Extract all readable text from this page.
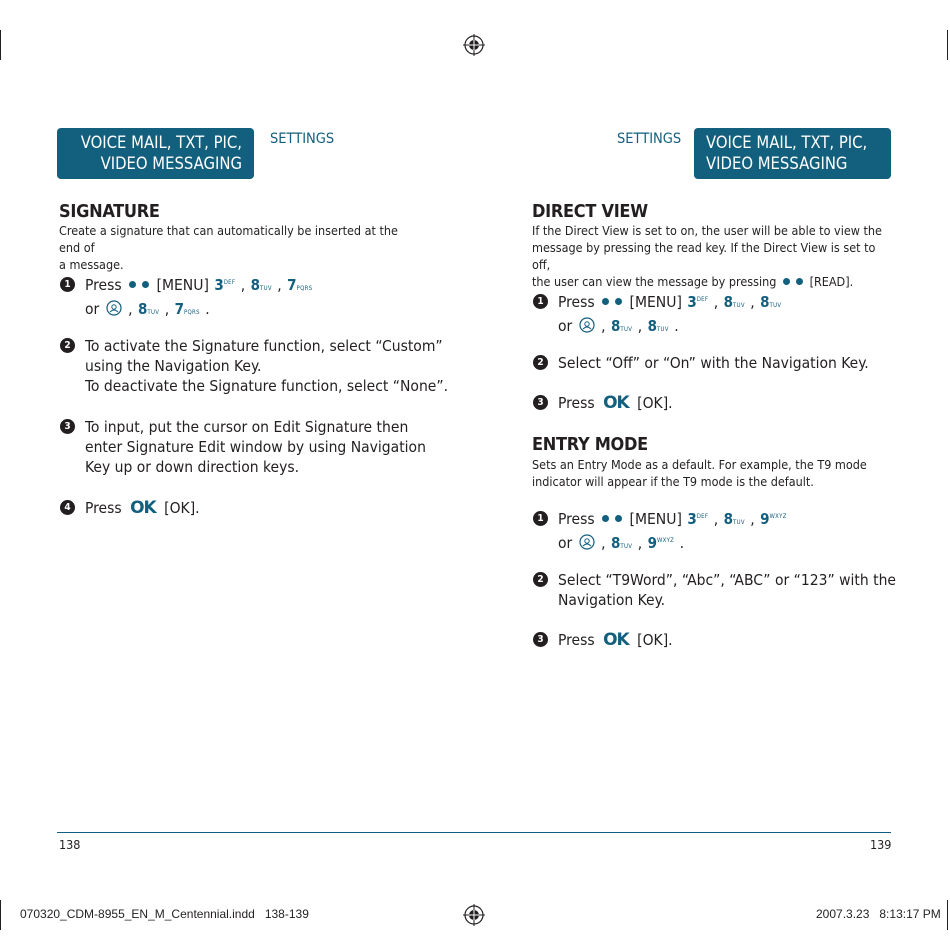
VOICE MAIL, TXT, PIC,
VIDEO MESSAGING
SETTINGS	SETTINGS VOICE MAIL, TXT, PIC,
VIDEO MESSAGING
SIGNATURE
Create a signature that can automatically be inserted at the end of
a message.
1 Press [MENU] $3^{DEF}$ , 8TUV , 7PQRS
or , 8TUV , 7PQRS .
2 To activate the Signature function, select “Custom”
using the Navigation Key.
To deactivate the Signature function, select “None”.
3 To input, put the cursor on Edit Signature then
enter Signature Edit window by using Navigation
Key up or down direction keys.
4 Press OK [OK].
DIRECT VIEW
If the Direct View is set to on, the user will be able to view the
message by pressing the read key. If the Direct View is set to off,
the user can view the message by pressing	[READ].
1 Press [MENU] $3^{DEF}$ , 8TUV , 8TUV
or , 8TUV , 8TUV .
2 Select “Off” or “On” with the Navigation Key.
3 Press OK [OK].
ENTRY MODE
Sets an Entry Mode as a default. For example, the T9 mode
indicator will appear if the T9 mode is the default.
1 Press [MENU] $3^{DEF}$ , 8TUV , $9^{WXYZ}$
or , 8TUV , $9^{WXYZ}$ .
2 Select “T9Word”, “Abc”, “ABC” or “123” with the
Navigation Key.
3 Press OK [OK].
138	139
070320_CDM-8955_EN_M_Centennial.indd   138-139	2007.3.23   8:13:17 PM
